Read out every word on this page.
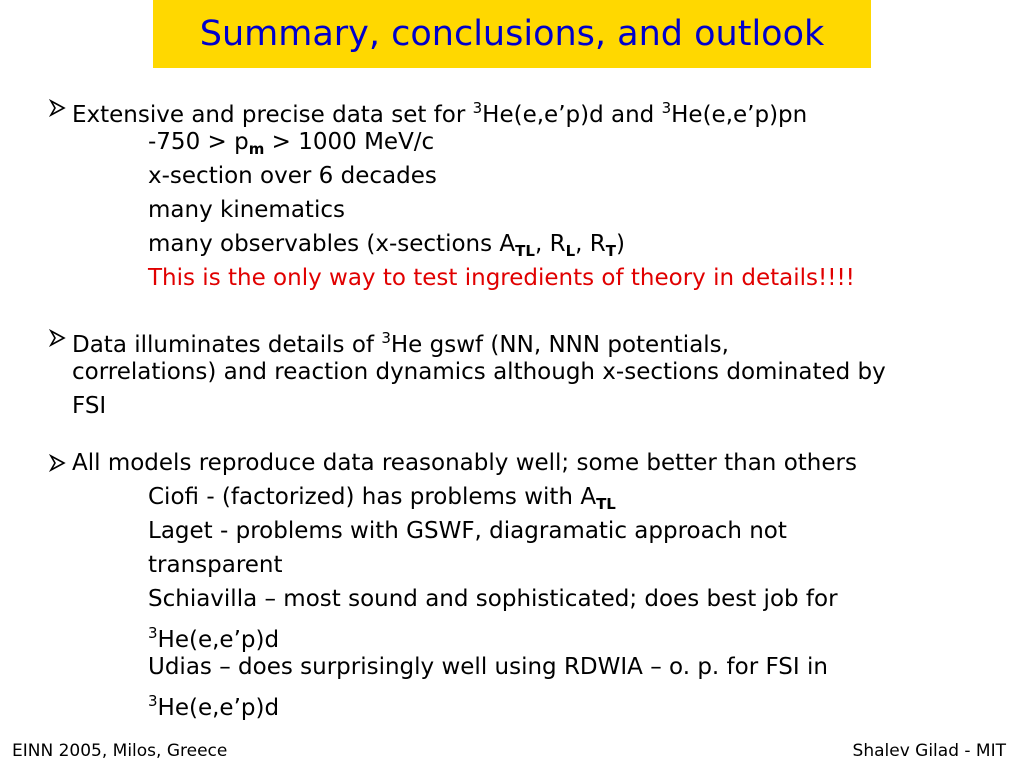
Summary, conclusions, and outlook

Extensive and precise data set for $^3$He(e,e’p)d and $^3$He(e,e’p)pn

$-750 > p_m > 1000$ MeV/c

x-section over 6 decades

many kinematics

many observables (x-sections $A_{TL}$, $R_L$, $R_T$)

This is the only way to test ingredients of theory in details!!!!

Data illuminates details of $^3$He gswf (NN, NNN potentials,

correlations) and reaction dynamics although x-sections dominated by

FSI

All models reproduce data reasonably well; some better than others

Ciofi - (factorized) has problems with $A_{TL}$

Laget - problems with GSWF, diagramatic approach not

transparent

Schiavilla – most sound and sophisticated; does best job for

$^3$He(e,e’p)d

Udias – does surprisingly well using RDWIA – o. p. for FSI in

$^3$He(e,e’p)d

EINN 2005, Milos, Greece	Shalev Gilad - MIT
